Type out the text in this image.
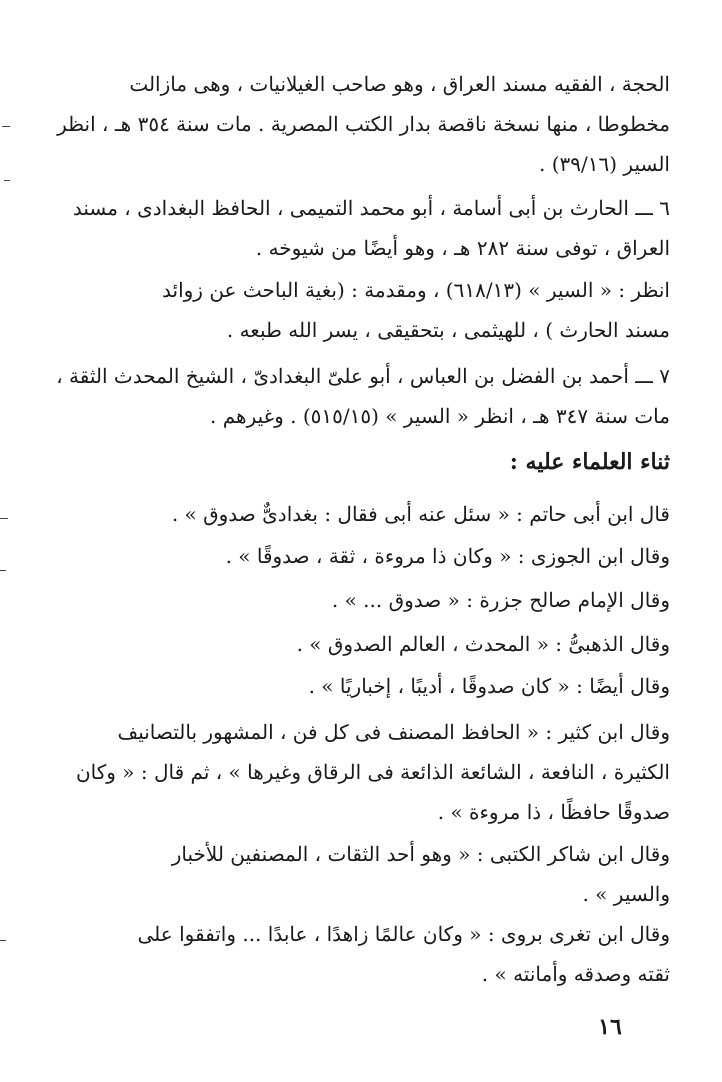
الحجة ، الفقيه مسند العراق ، وهو صاحب الغيلانيات ، وهى مازالت
مخطوطا ، منها نسخة ناقصة بدار الكتب المصرية . مات سنة ٣٥٤ هـ ، انظر
السير (٣٩/١٦) .
٦ ـــ الحارث بن أبى أسامة ، أبو محمد التميمى ، الحافظ البغدادى ، مسند
العراق ، توفى سنة ٢٨٢ هـ ، وهو أيضًا من شيوخه .
انظر : « السير » (٦١٨/١٣) ، ومقدمة : (بغية الباحث عن زوائد
مسند الحارث ) ، للهيثمى ، بتحقيقى ، يسر الله طبعه .
٧ ـــ أحمد بن الفضل بن العباس ، أبو علىّ البغدادىّ ، الشيخ المحدث الثقة ،
مات سنة ٣٤٧ هـ ، انظر « السير » (٥١٥/١٥) . وغيرهم .
ثناء العلماء عليه :
قال ابن أبى حاتم : « سئل عنه أبى فقال : بغدادىٌّ صدوق » .
وقال ابن الجوزى : « وكان ذا مروءة ، ثقة ، صدوقًا » .
وقال الإمام صالح جزرة : « صدوق ... » .
وقال الذهبىُّ : « المحدث ، العالم الصدوق » .
وقال أيضًا : « كان صدوقًا ، أديبًا ، إخباريًا » .
وقال ابن كثير : « الحافظ المصنف فى كل فن ، المشهور بالتصانيف
الكثيرة ، النافعة ، الشائعة الذائعة فى الرقاق وغيرها » ، ثم قال : « وكان
صدوقًا حافظًا ، ذا مروءة » .
وقال ابن شاكر الكتبى : « وهو أحد الثقات ، المصنفين للأخبار
والسير » .
وقال ابن تغرى بروى : « وكان عالمًا زاهدًا ، عابدًا ... واتفقوا على
ثقته وصدقه وأمانته » .
١٦
